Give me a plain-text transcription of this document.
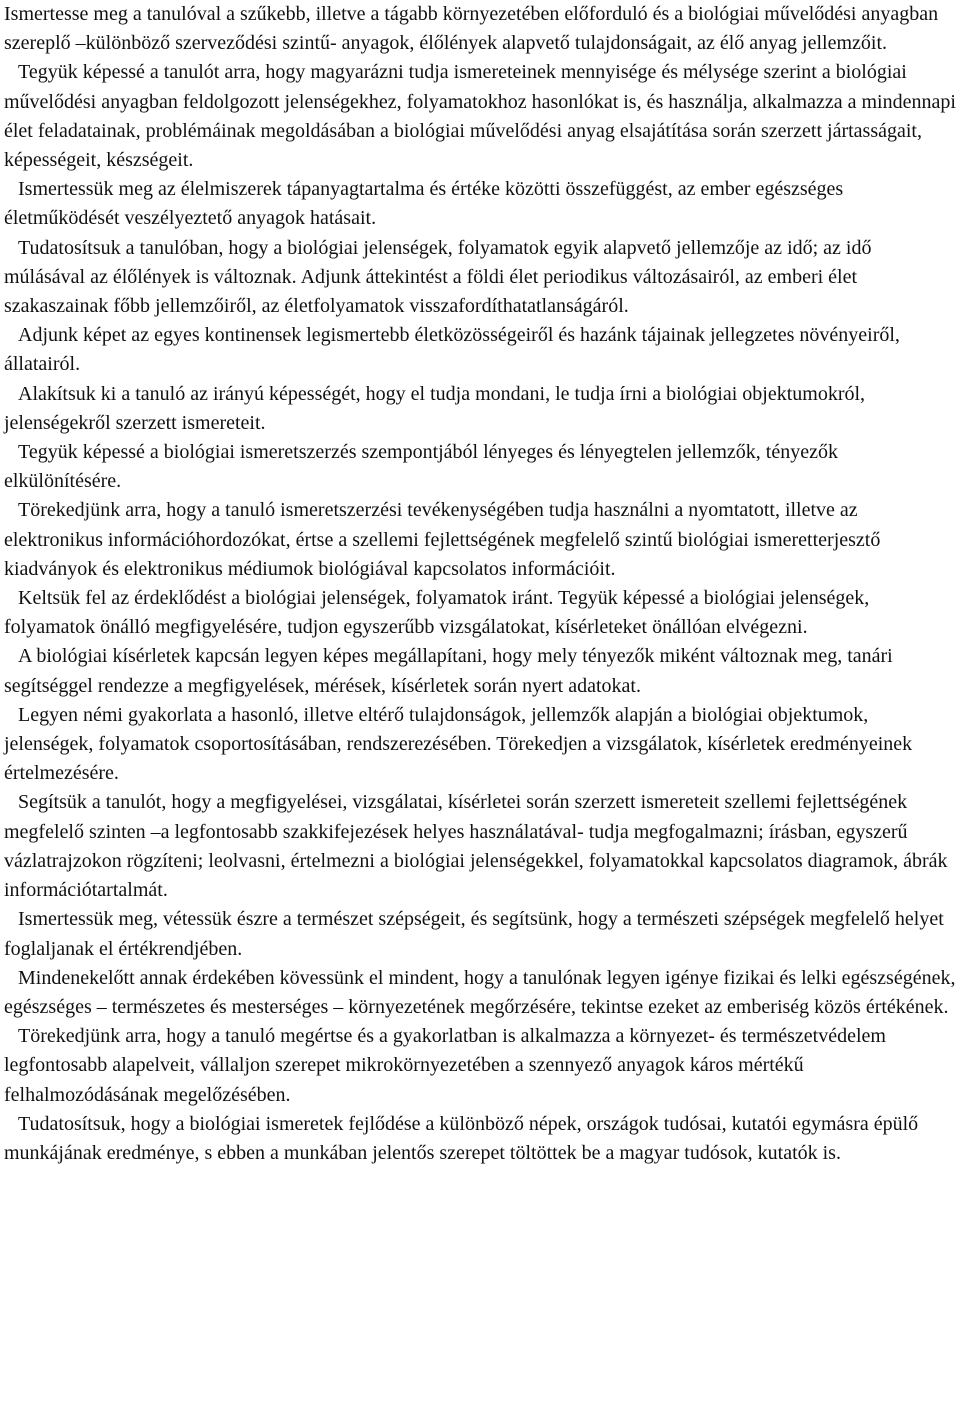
Ismertesse meg a tanulóval a szűkebb, illetve a tágabb környezetében előforduló és a biológiai művelődési anyagban szereplő –különböző szerveződési szintű- anyagok, élőlények alapvető tulajdonságait, az élő anyag jellemzőit.

Tegyük képessé a tanulót arra, hogy magyarázni tudja ismereteinek mennyisége és mélysége szerint a biológiai művelődési anyagban feldolgozott jelenségekhez, folyamatokhoz hasonlókat is, és használja, alkalmazza a mindennapi élet feladatainak, problémáinak megoldásában a biológiai művelődési anyag elsajátítása során szerzett jártasságait, képességeit, készségeit.

Ismertessük meg az élelmiszerek tápanyagtartalma és értéke közötti összefüggést, az ember egészséges életműködését veszélyeztető anyagok hatásait.

Tudatosítsuk a tanulóban, hogy a biológiai jelenségek, folyamatok egyik alapvető jellemzője az idő; az idő múlásával az élőlények is változnak. Adjunk áttekintést a földi élet periodikus változásairól, az emberi élet szakaszainak főbb jellemzőiről, az életfolyamatok visszafordíthatatlanságáról.

Adjunk képet az egyes kontinensek legismertebb életközösségeiről és hazánk tájainak jellegzetes növényeiről, állatairól.

Alakítsuk ki a tanuló az irányú képességét, hogy el tudja mondani, le tudja írni a biológiai objektumokról, jelenségekről szerzett ismereteit.

Tegyük képessé a biológiai ismeretszerzés szempontjából lényeges és lényegtelen jellemzők, tényezők elkülönítésére.

Törekedjünk arra, hogy a tanuló ismeretszerzési tevékenységében tudja használni a nyomtatott, illetve az elektronikus információhordozókat, értse a szellemi fejlettségének megfelelő szintű biológiai ismeretterjesztő kiadványok és elektronikus médiumok biológiával kapcsolatos információit.

Keltsük fel az érdeklődést a biológiai jelenségek, folyamatok iránt. Tegyük képessé a biológiai jelenségek, folyamatok önálló megfigyelésére, tudjon egyszerűbb vizsgálatokat, kísérleteket önállóan elvégezni.

A biológiai kísérletek kapcsán legyen képes megállapítani, hogy mely tényezők miként változnak meg, tanári segítséggel rendezze a megfigyelések, mérések, kísérletek során nyert adatokat.

Legyen némi gyakorlata a hasonló, illetve eltérő tulajdonságok, jellemzők alapján a biológiai objektumok, jelenségek, folyamatok csoportosításában, rendszerezésében. Törekedjen a vizsgálatok, kísérletek eredményeinek értelmezésére.

Segítsük a tanulót, hogy a megfigyelései, vizsgálatai, kísérletei során szerzett ismereteit szellemi fejlettségének megfelelő szinten –a legfontosabb szakkifejezések helyes használatával- tudja megfogalmazni; írásban, egyszerű vázlatrajzokon rögzíteni; leolvasni, értelmezni a biológiai jelenségekkel, folyamatokkal kapcsolatos diagramok, ábrák információtartalmát.

Ismertessük meg, vétessük észre a természet szépségeit, és segítsünk, hogy a természeti szépségek megfelelő helyet foglaljanak el értékrendjében.

Mindenekelőtt annak érdekében kövessünk el mindent, hogy a tanulónak legyen igénye fizikai és lelki egészségének, egészséges – természetes és mesterséges – környezetének megőrzésére, tekintse ezeket az emberiség közös értékének.

Törekedjünk arra, hogy a tanuló megértse és a gyakorlatban is alkalmazza a környezet- és természetvédelem legfontosabb alapelveit, vállaljon szerepet mikrokörnyezetében a szennyező anyagok káros mértékű felhalmozódásának megelőzésében.

Tudatosítsuk, hogy a biológiai ismeretek fejlődése a különböző népek, országok tudósai, kutatói egymásra épülő munkájának eredménye, s ebben a munkában jelentős szerepet töltöttek be a magyar tudósok, kutatók is.
